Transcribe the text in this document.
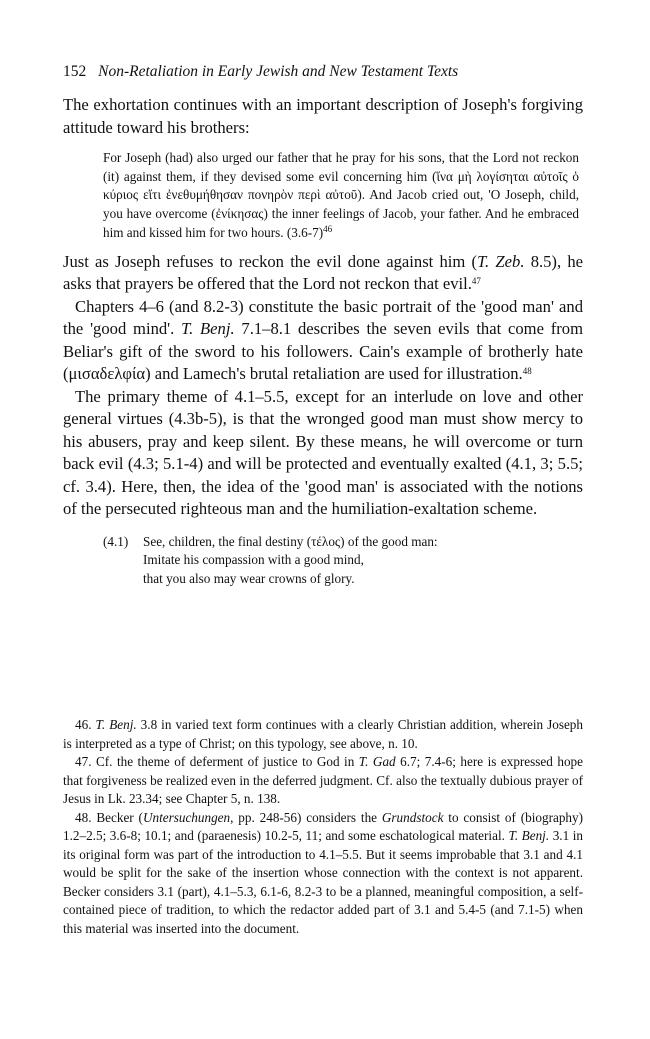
152 Non-Retaliation in Early Jewish and New Testament Texts

The exhortation continues with an important description of Joseph's forgiving attitude toward his brothers:

For Joseph (had) also urged our father that he pray for his sons, that the Lord not reckon (it) against them, if they devised some evil concerning him (ἵνα μὴ λογίσηται αὐτοῖς ὁ κύριος εἴτι ἐνεθυμήθησαν πονηρὸν περὶ αὐτοῦ). And Jacob cried out, 'O Joseph, child, you have overcome (ἐνίκησας) the inner feelings of Jacob, your father. And he embraced him and kissed him for two hours. $(3.6-7)^{46}$

Just as Joseph refuses to reckon the evil done against him (T. Zeb. 8.5), he asks that prayers be offered that the Lord not reckon that evil.$^{47}$

Chapters 4–6 (and 8.2-3) constitute the basic portrait of the 'good man' and the 'good mind'. T. Benj. 7.1–8.1 describes the seven evils that come from Beliar's gift of the sword to his followers. Cain's example of brotherly hate (μισαδελφία) and Lamech's brutal retaliation are used for illustration.$^{48}$

The primary theme of 4.1–5.5, except for an interlude on love and other general virtues (4.3b-5), is that the wronged good man must show mercy to his abusers, pray and keep silent. By these means, he will overcome or turn back evil (4.3; 5.1-4) and will be protected and eventually exalted (4.1, 3; 5.5; cf. 3.4). Here, then, the idea of the 'good man' is associated with the notions of the persecuted righteous man and the humiliation-exaltation scheme.

(4.1) See, children, the final destiny (τέλος) of the good man:
Imitate his compassion with a good mind,
that you also may wear crowns of glory.

46. T. Benj. 3.8 in varied text form continues with a clearly Christian addition, wherein Joseph is interpreted as a type of Christ; on this typology, see above, n. 10.

47. Cf. the theme of deferment of justice to God in T. Gad 6.7; 7.4-6; here is expressed hope that forgiveness be realized even in the deferred judgment. Cf. also the textually dubious prayer of Jesus in Lk. 23.34; see Chapter 5, n. 138.

48. Becker (Untersuchungen, pp. 248-56) considers the Grundstock to consist of (biography) 1.2–2.5; 3.6-8; 10.1; and (paraenesis) 10.2-5, 11; and some eschatological material. T. Benj. 3.1 in its original form was part of the introduction to 4.1–5.5. But it seems improbable that 3.1 and 4.1 would be split for the sake of the insertion whose connection with the context is not apparent. Becker considers 3.1 (part), 4.1–5.3, 6.1-6, 8.2-3 to be a planned, meaningful composition, a self-contained piece of tradition, to which the redactor added part of 3.1 and 5.4-5 (and 7.1-5) when this material was inserted into the document.
